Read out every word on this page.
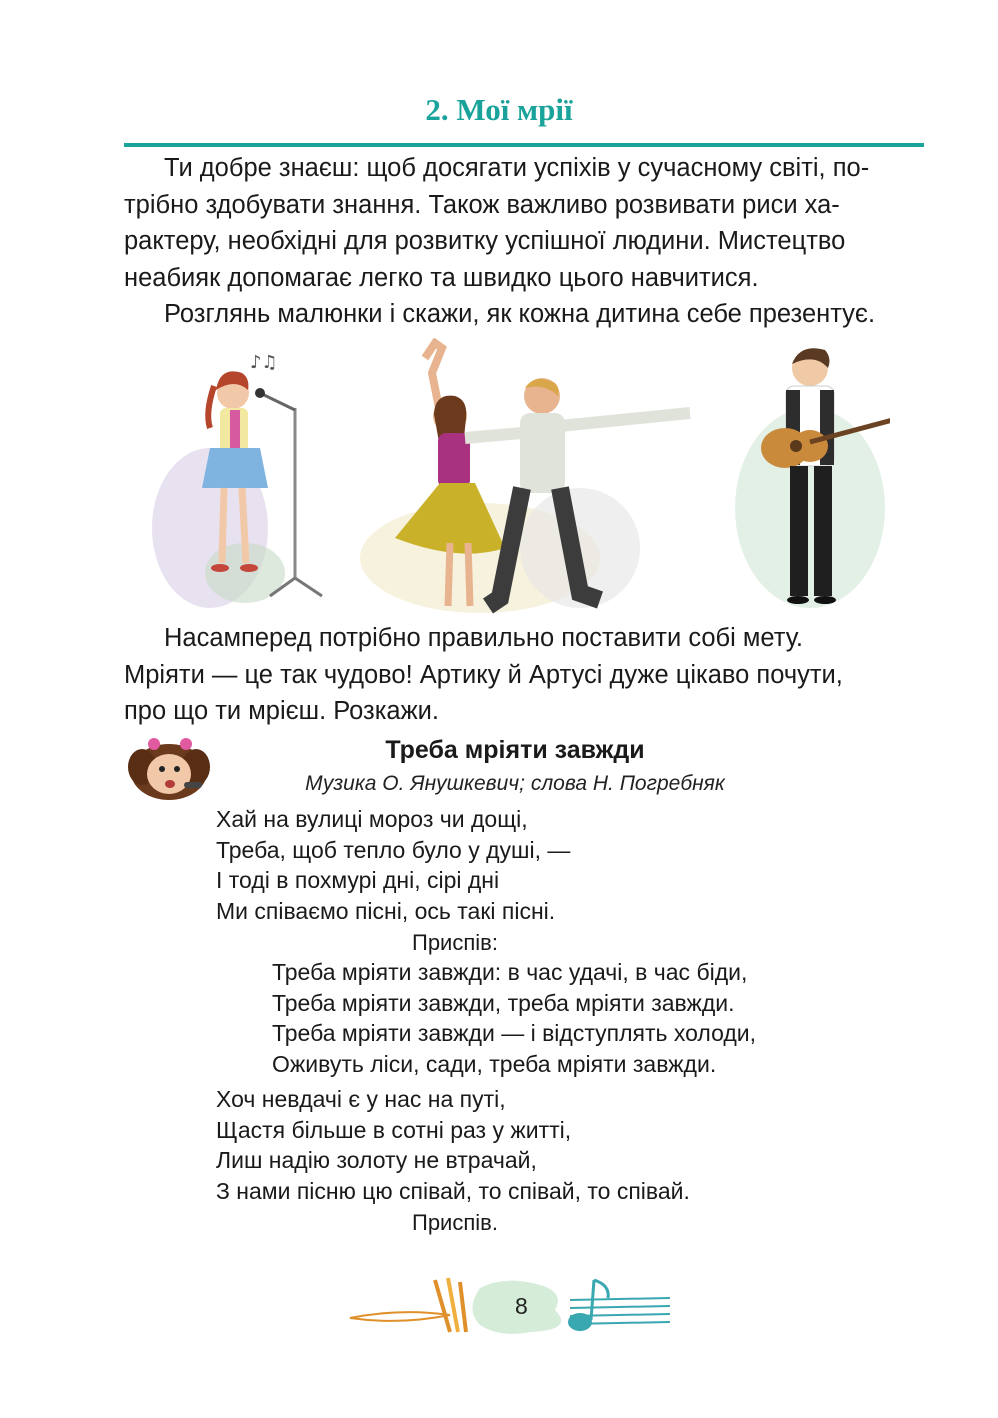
2. Мої мрії

Ти добре знаєш: щоб досягати успіхів у сучасному світі, по-
трібно здобувати знання. Також важливо розвивати риси ха-
рактеру, необхідні для розвитку успішної людини. Мистецтво
неабияк допомагає легко та швидко цього навчитися.

Розглянь малюнки і скажи, як кожна дитина себе презентує.

♪♫

Насамперед потрібно правильно поставити собі мету.
Мріяти — це так чудово! Артику й Артусі дуже цікаво почути,
про що ти мрієш. Розкажи.

Треба мріяти завжди
Музика О. Янушкевич; слова Н. Погребняк
Хай на вулиці мороз чи дощі,
Треба, щоб тепло було у душі, —
І тоді в похмурі дні, сірі дні
Ми співаємо пісні, ось такі пісні.
Приспів:
Треба мріяти завжди: в час удачі, в час біди,
Треба мріяти завжди, треба мріяти завжди.
Треба мріяти завжди — і відступлять холоди,
Оживуть ліси, сади, треба мріяти завжди.
Хоч невдачі є у нас на путі,
Щастя більше в сотні раз у житті,
Лиш надію золоту не втрачай,
З нами пісню цю співай, то співай, то співай.
Приспів.
8
